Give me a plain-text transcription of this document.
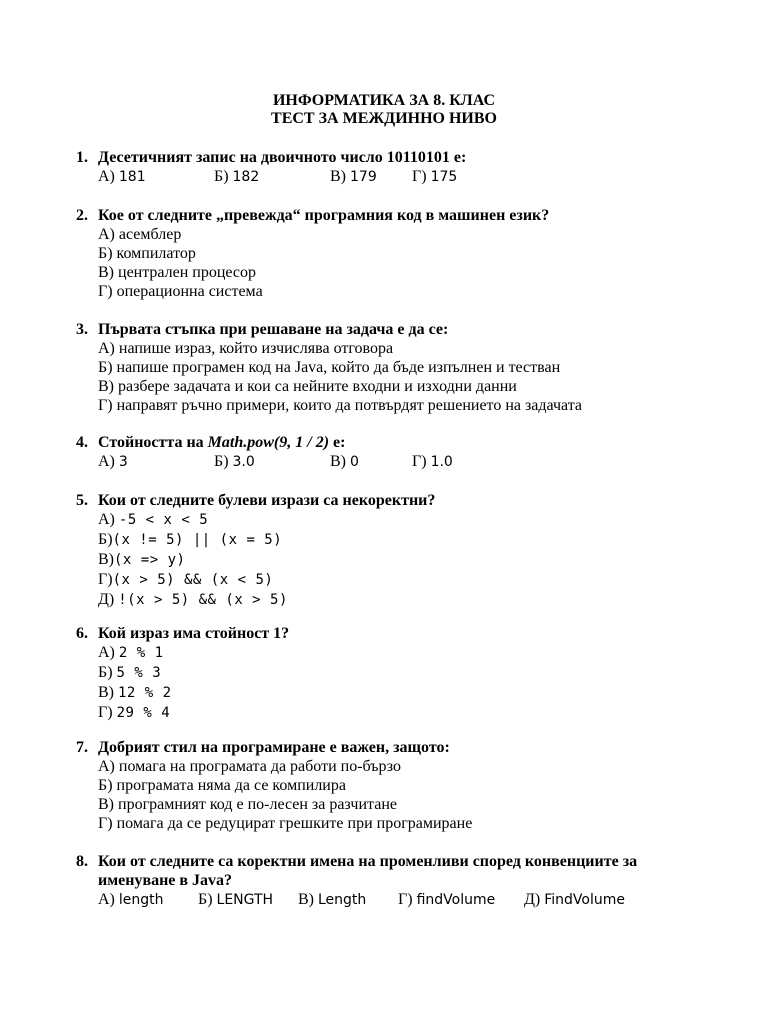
ИНФОРМАТИКА ЗА 8. КЛАС
ТЕСТ ЗА МЕЖДИННО НИВО
1. Десетичният запис на двоичното число 10110101 е:
А) 181	Б) 182	В) 179 Г) 175
2. Кое от следните „превежда“ програмния код в машинен език?
А) асемблер
Б) компилатор
В) централен процесор
Г) операционна система
3. Първата стъпка при решаване на задача е да се:
А) напише израз, който изчислява отговора
Б) напише програмен код на Java, който да бъде изпълнен и тестван
В) разбере задачата и кои са нейните входни и изходни данни
Г) направят ръчно примери, които да потвърдят решението на задачата
4. Стойността на Math.pow(9, 1 / 2) е:
А) 3	Б) 3.0	В) 0	Г) 1.0
5. Кои от следните булеви изрази са некоректни?
А) -5 < x < 5
Б)(x != 5) || (x = 5)
В)(x => y)
Г)(x > 5) && (x < 5)
Д) !(x > 5) && (x > 5)
6. Кой израз има стойност 1?
А) 2 % 1
Б) 5 % 3
В) 12 % 2
Г) 29 % 4
7. Добрият стил на програмиране е важен, защото:
А) помага на програмата да работи по-бързо
Б) програмата няма да се компилира
В) програмният код е по-лесен за разчитане
Г) помага да се редуцират грешките при програмиране
8. Кои от следните са коректни имена на променливи според конвенциите за
именуване в Java?
А) length Б) LENGTH В) Length Г) findVolume Д) FindVolume
